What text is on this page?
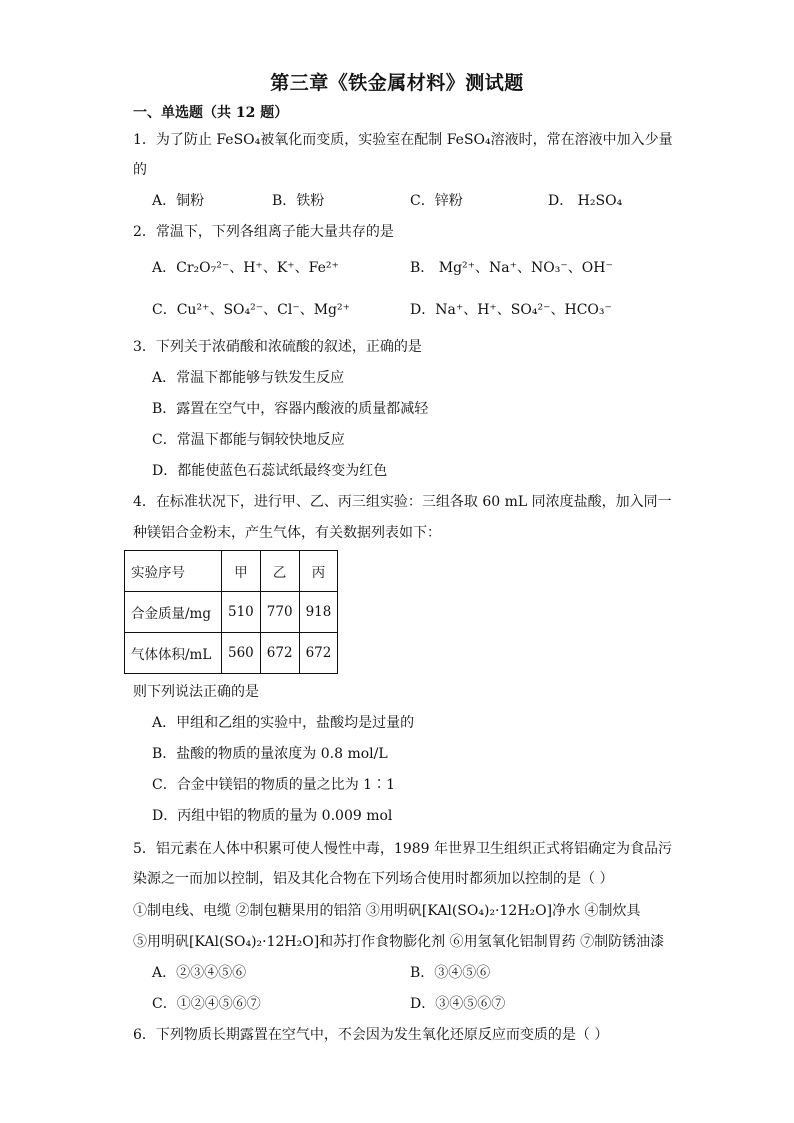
第三章《铁金属材料》测试题
一、单选题（共 12 题）
1．为了防止 FeSO₄被氧化而变质，实验室在配制 FeSO₄溶液时，常在溶液中加入少量
的
A．铜粉	B．铁粉	C．锌粉	D． H₂SO₄
2．常温下，下列各组离子能大量共存的是
A．Cr₂O₇²⁻、H⁺、K⁺、Fe²⁺	B． Mg²⁺、Na⁺、NO₃⁻、OH⁻
C．Cu²⁺、SO₄²⁻、Cl⁻、Mg²⁺	D．Na⁺、H⁺、SO₄²⁻、HCO₃⁻
3．下列关于浓硝酸和浓硫酸的叙述，正确的是
A．常温下都能够与铁发生反应
B．露置在空气中，容器内酸液的质量都减轻
C．常温下都能与铜较快地反应
D．都能使蓝色石蕊试纸最终变为红色
4．在标准状况下，进行甲、乙、丙三组实验：三组各取 60 mL 同浓度盐酸，加入同一
种镁铝合金粉末，产生气体，有关数据列表如下：
实验序号	甲	乙	丙
合金质量/mg	510	770	918
气体体积/mL	560	672	672
则下列说法正确的是
A．甲组和乙组的实验中，盐酸均是过量的
B．盐酸的物质的量浓度为 0.8 mol/L
C．合金中镁铝的物质的量之比为 1∶1
D．丙组中铝的物质的量为 0.009 mol
5．铝元素在人体中积累可使人慢性中毒，1989 年世界卫生组织正式将铝确定为食品污
染源之一而加以控制，铝及其化合物在下列场合使用时都须加以控制的是（ ）
①制电线、电缆 ②制包糖果用的铝箔 ③用明矾[KAl(SO₄)₂·12H₂O]净水 ④制炊具
⑤用明矾[KAl(SO₄)₂·12H₂O]和苏打作食物膨化剂 ⑥用氢氧化铝制胃药 ⑦制防锈油漆
A．②③④⑤⑥	B．③④⑤⑥
C．①②④⑤⑥⑦	D．③④⑤⑥⑦
6．下列物质长期露置在空气中，不会因为发生氧化还原反应而变质的是（ ）
